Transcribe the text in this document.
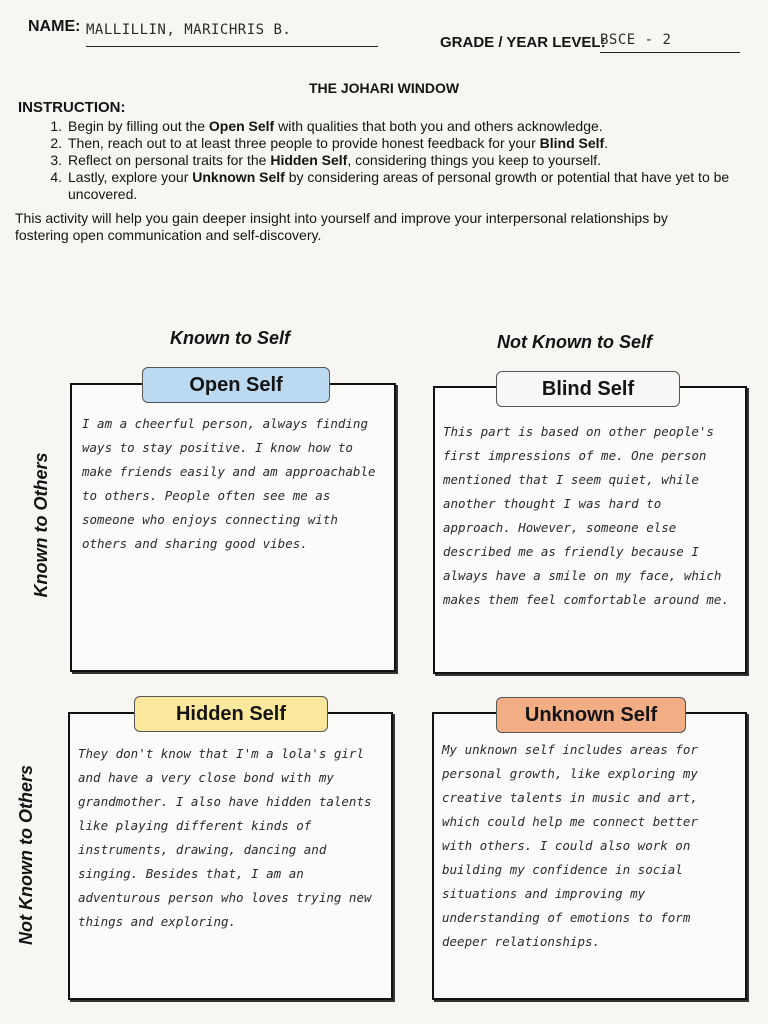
NAME: MALLILLIN, MARICHRIS B.
GRADE / YEAR LEVEL:
BSCE - 2
THE JOHARI WINDOW
INSTRUCTION:
1. Begin by filling out the Open Self with qualities that both you and others acknowledge.
2. Then, reach out to at least three people to provide honest feedback for your Blind Self.
3. Reflect on personal traits for the Hidden Self, considering things you keep to yourself.
4. Lastly, explore your Unknown Self by considering areas of personal growth or potential that have yet to be uncovered.
This activity will help you gain deeper insight into yourself and improve your interpersonal relationships by fostering open communication and self-discovery.
Known to Self	Not Known to Self
Known to Others
Not Known to Others
Open Self
I am a cheerful person, always finding ways to stay positive. I know how to make friends easily and am approachable to others. People often see me as someone who enjoys connecting with others and sharing good vibes.
Blind Self
This part is based on other people's first impressions of me. One person mentioned that I seem quiet, while another thought I was hard to approach. However, someone else described me as friendly because I always have a smile on my face, which makes them feel comfortable around me.
Hidden Self
They don't know that I'm a lola's girl and have a very close bond with my grandmother. I also have hidden talents like playing different kinds of instruments, drawing, dancing and singing. Besides that, I am an adventurous person who loves trying new things and exploring.
Unknown Self
My unknown self includes areas for personal growth, like exploring my creative talents in music and art, which could help me connect better with others. I could also work on building my confidence in social situations and improving my understanding of emotions to form deeper relationships.
